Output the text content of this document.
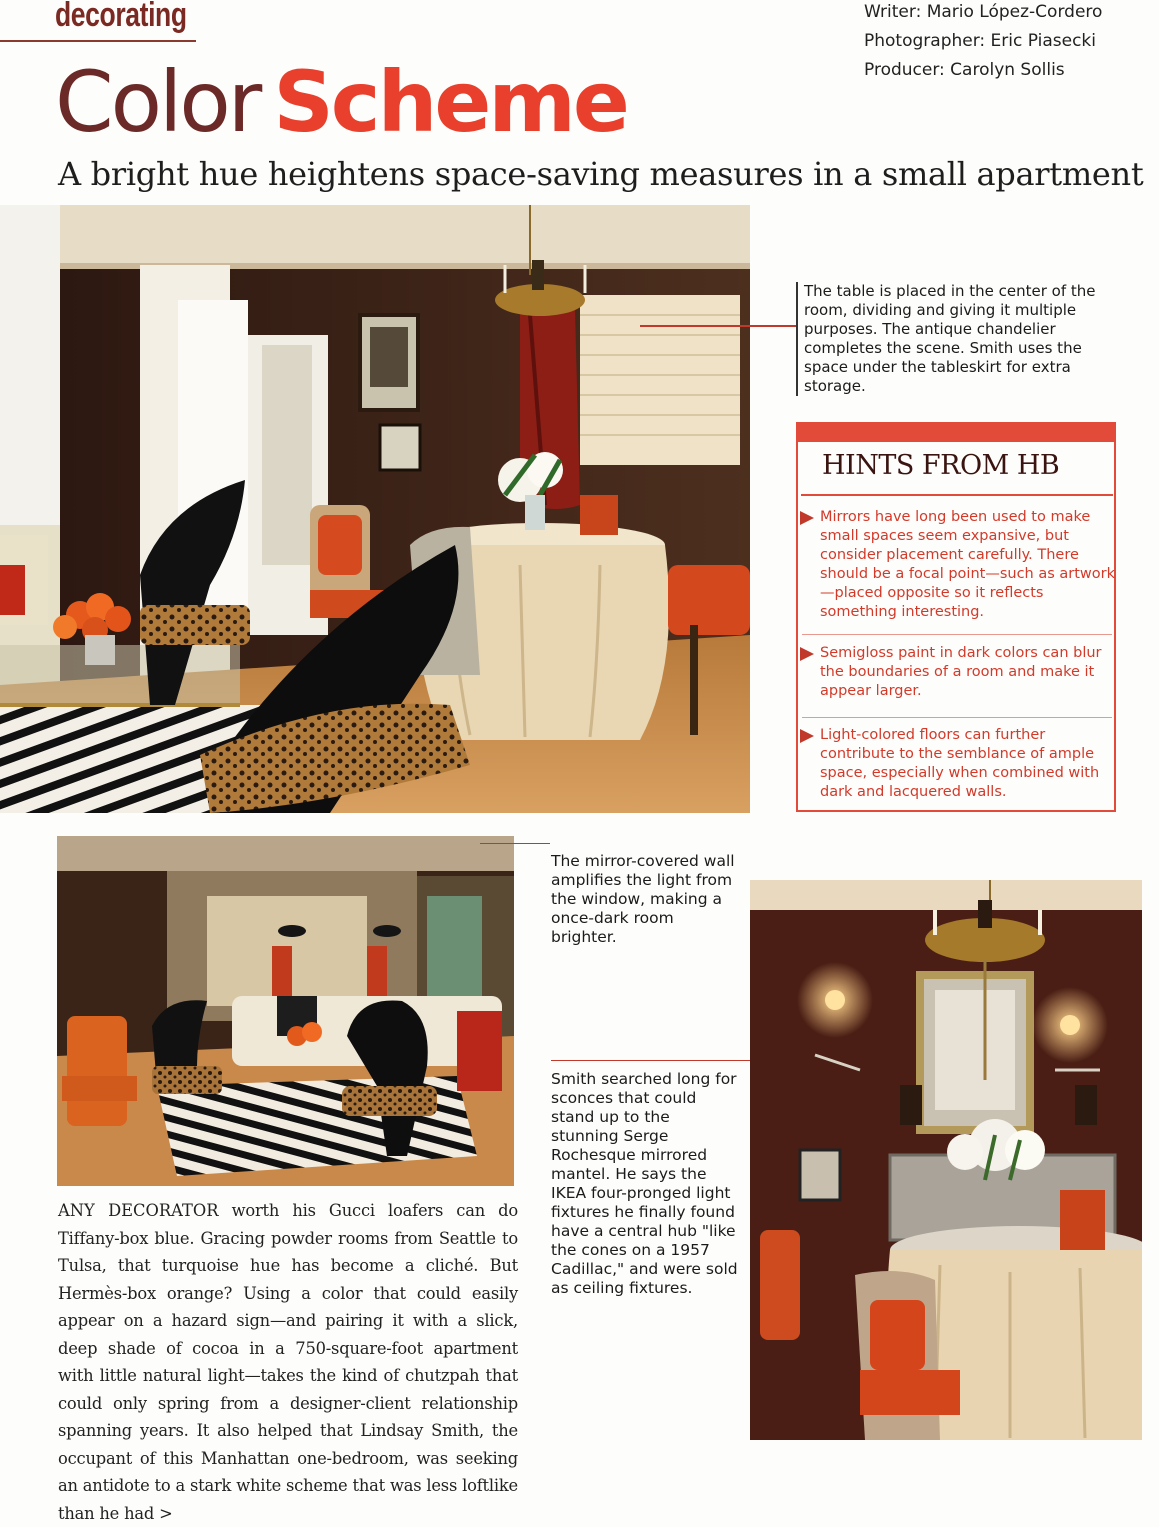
decorating	Writer: Mario López-Cordero
Photographer: Eric Piasecki
Producer: Carolyn Sollis
Color Scheme
A bright hue heightens space-saving measures in a small apartment
The table is placed in the center of the room, dividing and giving it multiple purposes. The antique chandelier completes the scene. Smith uses the space under the tableskirt for extra storage.
HINTS FROM HB
Mirrors have long been used to make small spaces seem expansive, but consider placement carefully. There should be a focal point—such as artwork—placed opposite so it reflects something interesting.
Semigloss paint in dark colors can blur the boundaries of a room and make it appear larger.
Light-colored floors can further contribute to the semblance of ample space, especially when combined with dark and lacquered walls.
The mirror-covered wall amplifies the light from the window, making a once-dark room brighter.
Smith searched long for sconces that could stand up to the stunning Serge Rochesque mirrored mantel. He says the IKEA four-pronged light fixtures he finally found have a central hub "like the cones on a 1957 Cadillac," and were sold as ceiling fixtures.
ANY DECORATOR worth his Gucci loafers can do Tiffany-box blue. Gracing powder rooms from Seattle to Tulsa, that turquoise hue has become a cliché. But Hermès-box orange? Using a color that could easily appear on a hazard sign—and pairing it with a slick, deep shade of cocoa in a 750-square-foot apartment with little natural light—takes the kind of chutzpah that could only spring from a designer-client relationship spanning years. It also helped that Lindsay Smith, the occupant of this Manhattan one-bedroom, was seeking an antidote to a stark white scheme that was less loftlike than he had >
